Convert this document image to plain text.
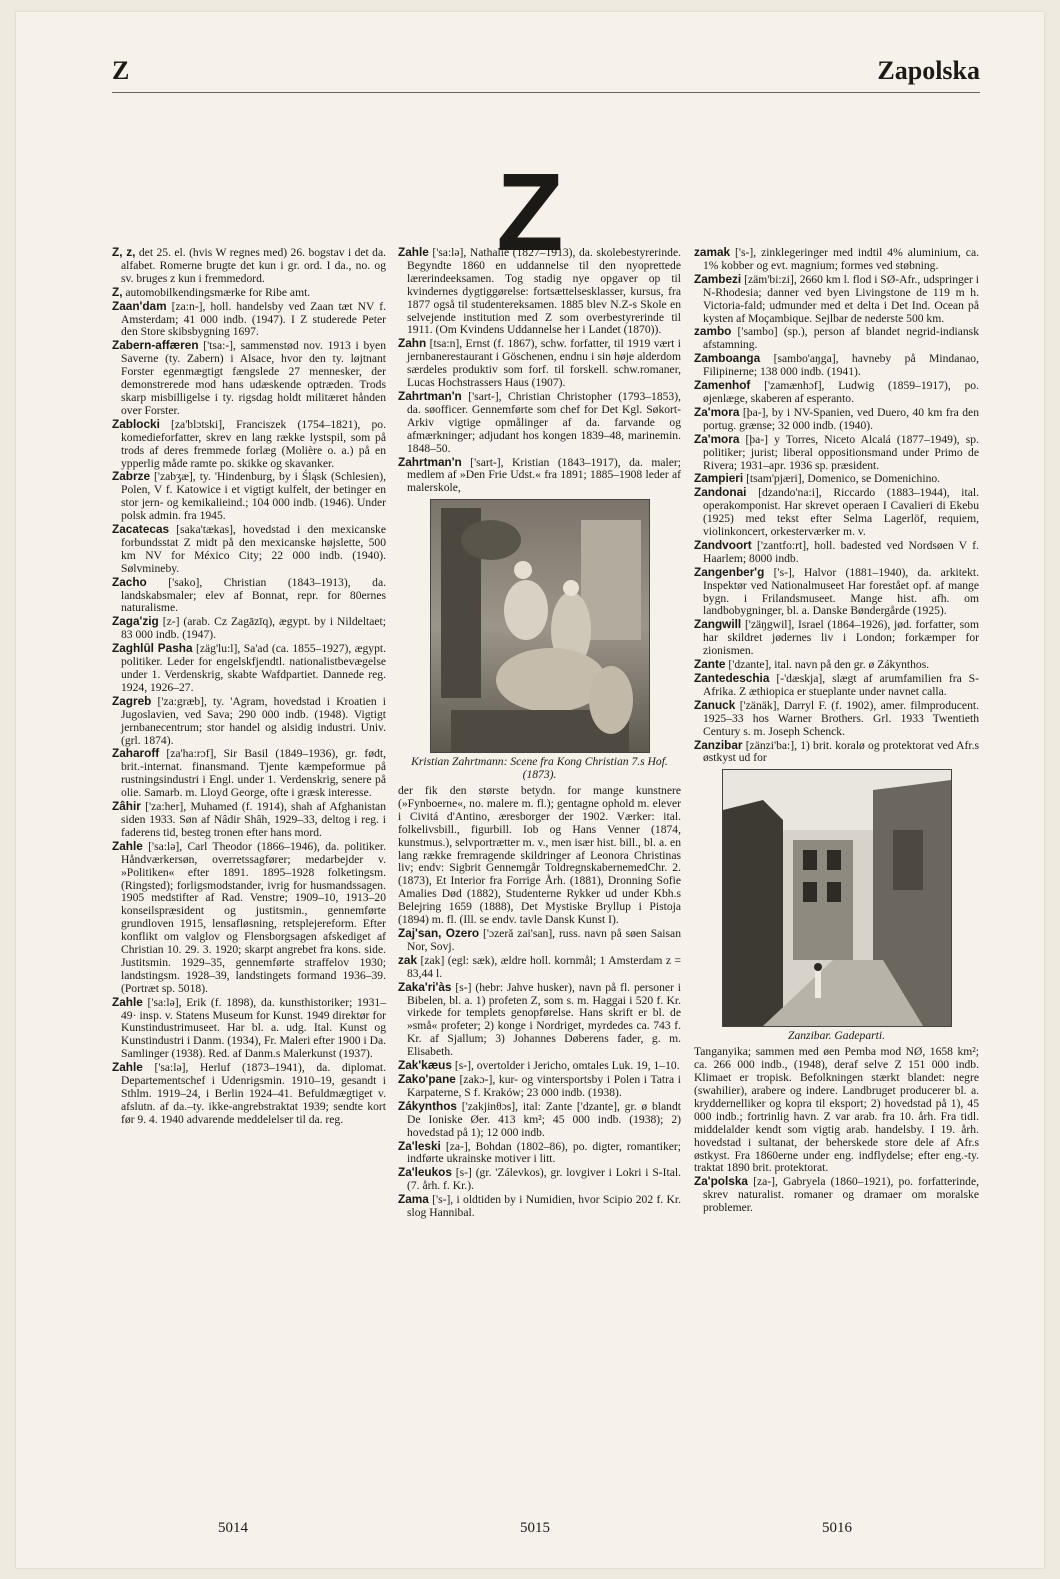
Z	Zapolska
Z

Z, z, det 25. el. (hvis W regnes med) 26. bogstav i det da. alfabet. Romerne brugte det kun i gr. ord. I da., no. og sv. bruges z kun i fremmedord.

Z, automobilkendingsmærke for Ribe amt.

Zaan'dam [za:n-], holl. handelsby ved Zaan tæt NV f. Amsterdam; 41 000 indb. (1947). I Z studerede Peter den Store skibsbygning 1697.

Zabern-affæren ['tsa:-], sammenstød nov. 1913 i byen Saverne (ty. Zabern) i Alsace, hvor den ty. løjtnant Forster egenmægtigt fængslede 27 mennesker, der demonstrerede mod hans udæskende optræden. Trods skarp misbilligelse i ty. rigsdag holdt militæret hånden over Forster.

Zablocki [za'blɔtski], Franciszek (1754–1821), po. komedieforfatter, skrev en lang række lystspil, som på trods af deres fremmede forlæg (Molière o. a.) på en ypperlig måde ramte po. skikke og skavanker.

Zabrze ['zabʒæ], ty. 'Hindenburg, by i Śląsk (Schlesien), Polen, V f. Katowice i et vigtigt kulfelt, der betinger en stor jern- og kemikalieind.; 104 000 indb. (1946). Under polsk admin. fra 1945.

Zacatecas [saka'tækas], hovedstad i den mexicanske forbundsstat Z midt på den mexicanske højslette, 500 km NV for México City; 22 000 indb. (1940). Sølvmineby.

Zacho ['sako], Christian (1843–1913), da. landskabsmaler; elev af Bonnat, repr. for 80ernes naturalisme.

Zaga'zig [z-] (arab. Cz Zagāzīq), ægypt. by i Nildeltaet; 83 000 indb. (1947).

Zaghlūl Pasha [zäg'lu:l], Sa'ad (ca. 1855–1927), ægypt. politiker. Leder for engelskfjendtl. nationalistbevægelse under 1. Verdenskrig, skabte Wafdpartiet. Dannede reg. 1924, 1926–27.

Zagreb ['za:græb], ty. 'Agram, hovedstad i Kroatien i Jugoslavien, ved Sava; 290 000 indb. (1948). Vigtigt jernbanecentrum; stor handel og alsidig industri. Univ. (grl. 1874).

Zaharoff [za'ha:rɔf], Sir Basil (1849–1936), gr. født, brit.-internat. finansmand. Tjente kæmpeformue på rustningsindustri i Engl. under 1. Verdenskrig, senere på olie. Samarb. m. Lloyd George, ofte i græsk interesse.

Zâhir ['za:her], Muhamed (f. 1914), shah af Afghanistan siden 1933. Søn af Nâdir Shâh, 1929–33, deltog i reg. i faderens tid, besteg tronen efter hans mord.

Zahle ['sa:lə], Carl Theodor (1866–1946), da. politiker. Håndværkersøn, overretssagfører; medarbejder v. »Politiken« efter 1891. 1895–1928 folketingsm. (Ringsted); forligsmodstander, ivrig for husmandssagen. 1905 medstifter af Rad. Venstre; 1909–10, 1913–20 konseilspræsident og justitsmin., gennemførte grundloven 1915, lensafløsning, retsplejereform. Efter konflikt om valglov og Flensborgsagen afskediget af Christian 10. 29. 3. 1920; skarpt angrebet fra kons. side. Justitsmin. 1929–35, gennemførte straffelov 1930; landstingsm. 1928–39, landstingets formand 1936–39. (Portræt sp. 5018).

Zahle ['sa:lə], Erik (f. 1898), da. kunsthistoriker; 1931–49· insp. v. Statens Museum for Kunst. 1949 direktør for Kunstindustrimuseet. Har bl. a. udg. Ital. Kunst og Kunstindustri i Danm. (1934), Fr. Maleri efter 1900 i Da. Samlinger (1938). Red. af Danm.s Malerkunst (1937).

Zahle ['sa:lə], Herluf (1873–1941), da. diplomat. Departementschef i Udenrigsmin. 1910–19, gesandt i Sthlm. 1919–24, i Berlin 1924–41. Befuldmægtiget v. afslutn. af da.–ty. ikke-angrebstraktat 1939; sendte kort før 9. 4. 1940 advarende meddelelser til da. reg.

Zahle ['sa:lə], Nathalie (1827–1913), da. skolebestyrerinde. Begyndte 1860 en uddannelse til den nyoprettede lærerindeeksamen. Tog stadig nye opgaver op til kvindernes dygtiggørelse: fortsættelsesklasser, kursus, fra 1877 også til studentereksamen. 1885 blev N.Z-s Skole en selvejende institution med Z som overbestyrerinde til 1911. (Om Kvindens Uddannelse her i Landet (1870)).

Zahn [tsa:n], Ernst (f. 1867), schw. forfatter, til 1919 vært i jernbanerestaurant i Göschenen, endnu i sin høje alderdom særdeles produktiv som forf. til forskell. schw.romaner, Lucas Hochstrassers Haus (1907).

Zahrtman'n ['sart-], Christian Christopher (1793–1853), da. søofficer. Gennemførte som chef for Det Kgl. Søkort-Arkiv vigtige opmålinger af da. farvande og afmærkninger; adjudant hos kongen 1839–48, marinemin. 1848–50.

Zahrtman'n ['sart-], Kristian (1843–1917), da. maler; medlem af »Den Frie Udst.« fra 1891; 1885–1908 leder af malerskole,

Kristian Zahrtmann: Scene fra Kong Christian 7.s Hof. (1873).

der fik den største betydn. for mange kunstnere (»Fynboerne«, no. malere m. fl.); gentagne ophold m. elever i Civitá d'Antino, æresborger der 1902. Værker: ital. folkelivsbill., figurbill. Iob og Hans Venner (1874, kunstmus.), selvportrætter m. v., men især hist. bill., bl. a. en lang række fremragende skildringer af Leonora Christinas liv; endv: Sigbrit Gennemgår ToldregnskabernemedChr. 2. (1873), Et Interior fra Forrige Årh. (1881), Dronning Sofie Amalies Død (1882), Studenterne Rykker ud under Kbh.s Belejring 1659 (1888), Det Mystiske Bryllup i Pistoja (1894) m. fl. (Ill. se endv. tavle Dansk Kunst I).

Zaj'san, Ozero ['ɔzerǎ zai'san], russ. navn på søen Saisan Nor, Sovj.

zak [zak] (egl: sæk), ældre holl. kornmål; 1 Amsterdam z = 83,44 l.

Zaka'ri'às [s-] (hebr: Jahve husker), navn på fl. personer i Bibelen, bl. a. 1) profeten Z, som s. m. Haggai i 520 f. Kr. virkede for templets genopførelse. Hans skrift er bl. de »små« profeter; 2) konge i Nordriget, myrdedes ca. 743 f. Kr. af Sjallum; 3) Johannes Døberens fader, g. m. Elisabeth.

Zak'kæus [s-], overtolder i Jericho, omtales Luk. 19, 1–10.

Zako'pane [zakɔ-], kur- og vintersportsby i Polen i Tatra i Karpaterne, S f. Kraków; 23 000 indb. (1938).

Zákynthos ['zakjinθɔs], ital: Zante ['dzante], gr. ø blandt De Ioniske Øer. 413 km²; 45 000 indb. (1938); 2) hovedstad på 1); 12 000 indb.

Za'leski [za-], Bohdan (1802–86), po. digter, romantiker; indførte ukrainske motiver i litt.

Za'leukos [s-] (gr. 'Zálevkos), gr. lovgiver i Lokri i S-Ital. (7. årh. f. Kr.).

Zama ['s-], i oldtiden by i Numidien, hvor Scipio 202 f. Kr. slog Hannibal.

zamak ['s-], zinklegeringer med indtil 4% aluminium, ca. 1% kobber og evt. magnium; formes ved støbning.

Zambezi [zäm'bi:zi], 2660 km l. flod i SØ-Afr., udspringer i N-Rhodesia; danner ved byen Livingstone de 119 m h. Victoria-fald; udmunder med et delta i Det Ind. Ocean på kysten af Moçambique. Sejlbar de nederste 500 km.

zambo ['sambo] (sp.), person af blandet negrid-indiansk afstamning.

Zamboanga [sambo'aŋga], havneby på Mindanao, Filipinerne; 138 000 indb. (1941).

Zamenhof ['zamænhɔf], Ludwig (1859–1917), po. øjenlæge, skaberen af esperanto.

Za'mora [þa-], by i NV-Spanien, ved Duero, 40 km fra den portug. grænse; 32 000 indb. (1940).

Za'mora [þa-] y Torres, Niceto Alcalá (1877–1949), sp. politiker; jurist; liberal oppositionsmand under Primo de Rivera; 1931–apr. 1936 sp. præsident.

Zampieri [tsam'pjæri], Domenico, se Domenichino.

Zandonai [dzando'na:i], Riccardo (1883–1944), ital. operakomponist. Har skrevet operaen I Cavalieri di Ekebu (1925) med tekst efter Selma Lagerlöf, requiem, violinkoncert, orkesterværker m. v.

Zandvoort ['zantfo:rt], holl. badested ved Nordsøen V f. Haarlem; 8000 indb.

Zangenber'g ['s-], Halvor (1881–1940), da. arkitekt. Inspektør ved Nationalmuseet Har forestået opf. af mange bygn. i Frilandsmuseet. Mange hist. afh. om landbobygninger, bl. a. Danske Bøndergårde (1925).

Zangwill ['zäŋgwil], Israel (1864–1926), jød. forfatter, som har skildret jødernes liv i London; forkæmper for zionismen.

Zante ['dzante], ital. navn på den gr. ø Zákynthos.

Zantedeschia [-'dæskja], slægt af arumfamilien fra S-Afrika. Z æthiopica er stueplante under navnet calla.

Zanuck ['zänäk], Darryl F. (f. 1902), amer. filmproducent. 1925–33 hos Warner Brothers. Grl. 1933 Twentieth Century s. m. Joseph Schenck.

Zanzibar [zänzi'ba:], 1) brit. koralø og protektorat ved Afr.s østkyst ud for

Zanzibar. Gadeparti.

Tanganyika; sammen med øen Pemba mod NØ, 1658 km²; ca. 266 000 indb., (1948), deraf selve Z 151 000 indb. Klimaet er tropisk. Befolkningen stærkt blandet: negre (swahilier), arabere og indere. Landbruget producerer bl. a. kryddernelliker og kopra til eksport; 2) hovedstad på 1), 45 000 indb.; fortrinlig havn. Z var arab. fra 10. årh. Fra tidl. middelalder kendt som vigtig arab. handelsby. I 19. årh. hovedstad i sultanat, der beherskede store dele af Afr.s østkyst. Fra 1860erne under eng. indflydelse; efter eng.-ty. traktat 1890 brit. protektorat.

Za'polska [za-], Gabryela (1860–1921), po. forfatterinde, skrev naturalist. romaner og dramaer om moralske problemer.

5014	5015	5016
